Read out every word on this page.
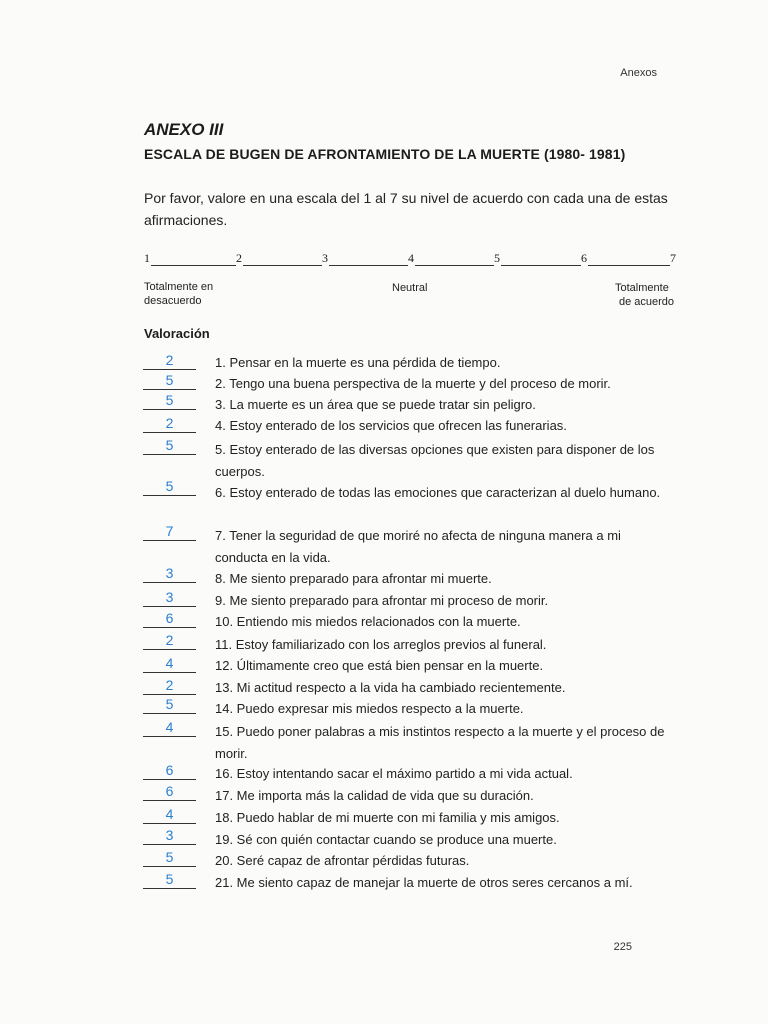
Anexos
ANEXO III
ESCALA DE BUGEN DE AFRONTAMIENTO DE LA MUERTE (1980- 1981)
Por favor, valore en una escala del 1 al 7 su nivel de acuerdo con cada una de estas afirmaciones.
1	2	3	4	5	6	7
Totalmente en
desacuerdo
Neutral	Totalmente
de acuerdo
Valoración
2	1. Pensar en la muerte es una pérdida de tiempo.
5	2. Tengo una buena perspectiva de la muerte y del proceso de morir.
5	3. La muerte es un área que se puede tratar sin peligro.
2	4. Estoy enterado de los servicios que ofrecen las funerarias.
5	5. Estoy enterado de las diversas opciones que existen para disponer de los cuerpos.
5	6. Estoy enterado de todas las emociones que caracterizan al duelo humano.
7	7. Tener la seguridad de que moriré no afecta de ninguna manera a mi conducta en la vida.
3	8. Me siento preparado para afrontar mi muerte.
3	9. Me siento preparado para afrontar mi proceso de morir.
6	10. Entiendo mis miedos relacionados con la muerte.
2	11. Estoy familiarizado con los arreglos previos al funeral.
4	12. Últimamente creo que está bien pensar en la muerte.
2	13. Mi actitud respecto a la vida ha cambiado recientemente.
5	14. Puedo expresar mis miedos respecto a la muerte.
4	15. Puedo poner palabras a mis instintos respecto a la muerte y el proceso de morir.
6	16. Estoy intentando sacar el máximo partido a mi vida actual.
6	17. Me importa más la calidad de vida que su duración.
4	18. Puedo hablar de mi muerte con mi familia y mis amigos.
3	19. Sé con quién contactar cuando se produce una muerte.
5	20. Seré capaz de afrontar pérdidas futuras.
5	21. Me siento capaz de manejar la muerte de otros seres cercanos a mí.
225
